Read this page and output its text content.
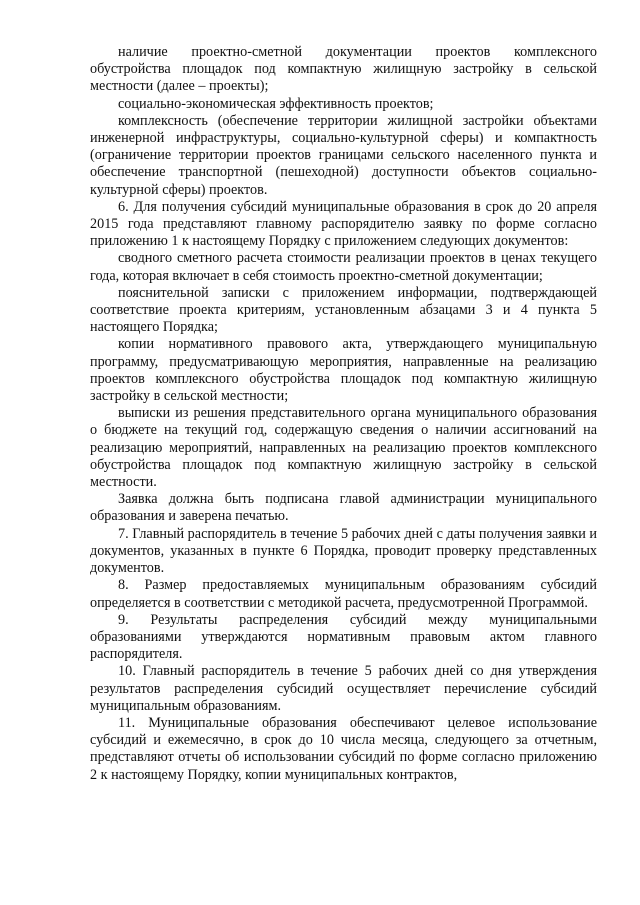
наличие проектно-сметной документации проектов комплексного обустройства площадок под компактную жилищную застройку в сельской местности (далее – проекты);

социально-экономическая эффективность проектов;

комплексность (обеспечение территории жилищной застройки объектами инженерной инфраструктуры, социально-культурной сферы) и компактность (ограничение территории проектов границами сельского населенного пункта и обеспечение транспортной (пешеходной) доступности объектов социально-культурной сферы) проектов.

6. Для получения субсидий муниципальные образования в срок до 20 апреля 2015 года представляют главному распорядителю заявку по форме согласно приложению 1 к настоящему Порядку с приложением следующих документов:

сводного сметного расчета стоимости реализации проектов в ценах текущего года, которая включает в себя стоимость проектно-сметной документации;

пояснительной записки с приложением информации, подтверждающей соответствие проекта критериям, установленным абзацами 3 и 4 пункта 5 настоящего Порядка;

копии нормативного правового акта, утверждающего муниципальную программу, предусматривающую мероприятия, направленные на реализацию проектов комплексного обустройства площадок под компактную жилищную застройку в сельской местности;

выписки из решения представительного органа муниципального образования о бюджете на текущий год, содержащую сведения о наличии ассигнований на реализацию мероприятий, направленных на реализацию проектов комплексного обустройства площадок под компактную жилищную застройку в сельской местности.

Заявка должна быть подписана главой администрации муниципального образования и заверена печатью.

7. Главный распорядитель в течение 5 рабочих дней с даты получения заявки и документов, указанных в пункте 6 Порядка, проводит проверку представленных документов.

8. Размер предоставляемых муниципальным образованиям субсидий определяется в соответствии с методикой расчета, предусмотренной Программой.

9. Результаты распределения субсидий между муниципальными образованиями утверждаются нормативным правовым актом главного распорядителя.

10. Главный распорядитель в течение 5 рабочих дней со дня утверждения результатов распределения субсидий осуществляет перечисление субсидий муниципальным образованиям.

11. Муниципальные образования обеспечивают целевое использование субсидий и ежемесячно, в срок до 10 числа месяца, следующего за отчетным, представляют отчеты об использовании субсидий по форме согласно приложению 2 к настоящему Порядку, копии муниципальных контрактов,
